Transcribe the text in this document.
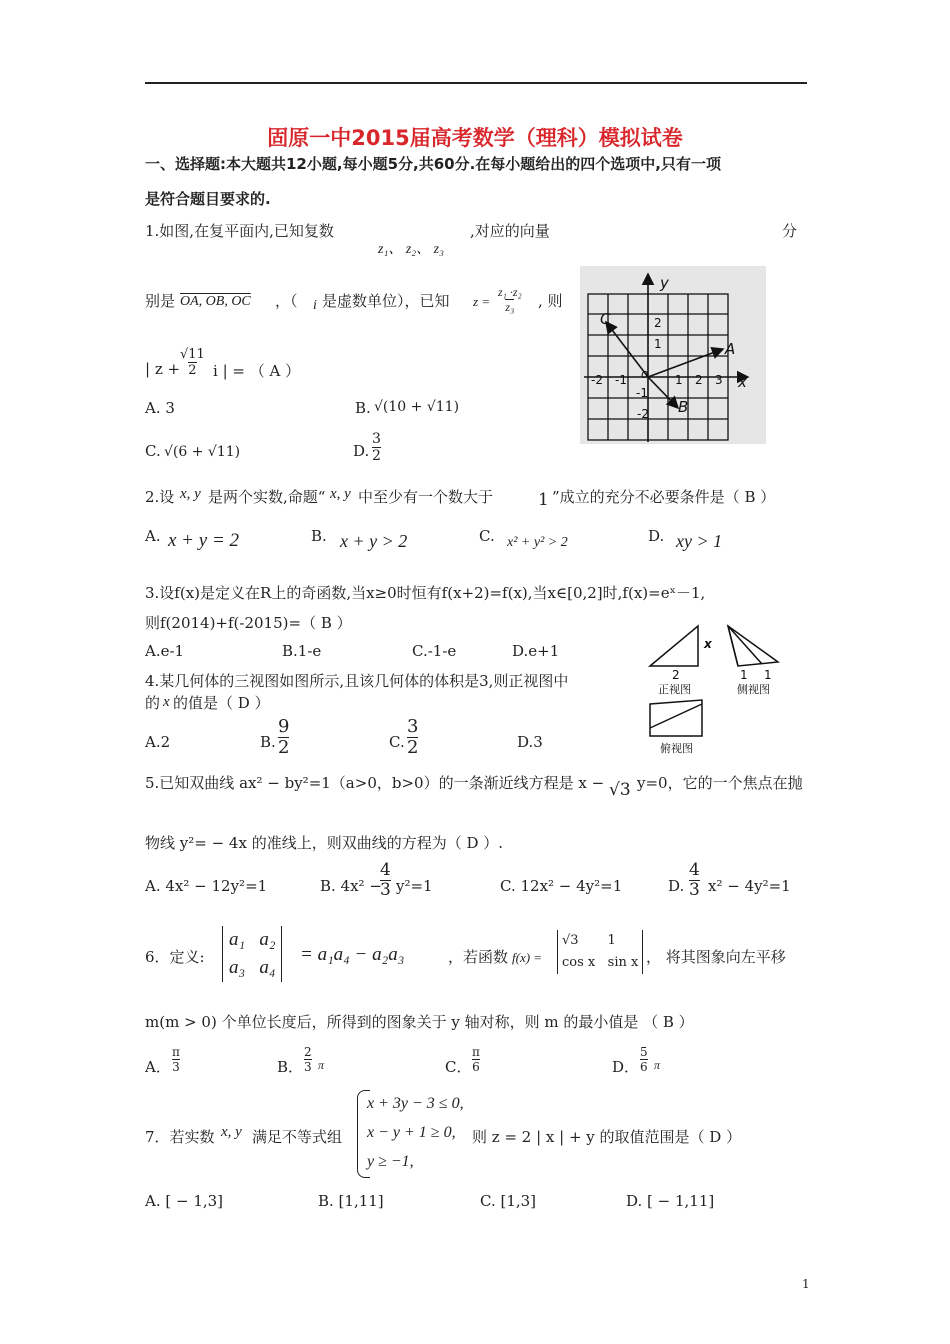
固原一中2015届高考数学（理科）模拟试卷
一、选择题:本大题共12小题,每小题5分,共60分.在每小题给出的四个选项中,只有一项
是符合题目要求的.
1.如图,在复平面内,已知复数
z₁、 z₂、 z₃
,对应的向量	分
别是 OA, OB, OC ，（ i 是虚数单位），已知 $z = \frac{\text{z₁ ·z₂}}{\text{z₃}}$ , 则
| $z + \frac{√11}{2}$ i | = （ A ）
A. 3	B. √(10 + √11)
C. √(6 + √11)	D. $\frac{3}{2}$
y
x
o
-2 -1	1 2 3
2
1
-1
-2
A
B
C
2.设 x, y 是两个实数,命题“ x, y 中至少有一个数大于	1 ”成立的充分不必要条件是（ B ）
A. x + y = 2	B. x + y > 2	C. x² + y² > 2	D. xy > 1
3.设f(x)是定义在R上的奇函数,当x≥0时恒有f(x+2)=f(x),当x∈[0,2]时,f(x)=eˣ－1,
则f(2014)+f(-2015)=（ B ）
A.e-1	B.1-e	C.-1-e	D.e+1
4.某几何体的三视图如图所示,且该几何体的体积是3,则正视图中
的 x 的值是（ D ）
A.2	B. $\frac{9}{2}$	C. $\frac{3}{2}$	D.3
x
2
正视图
1 1
侧视图
俯视图
5.已知双曲线 ax² − by²=1（a>0，b>0）的一条渐近线方程是 x − √3 y=0，它的一个焦点在抛
物线 y²= − 4x 的准线上，则双曲线的方程为（ D ）.
A. 4x² − 12y²=1	B. 4x² −
$\frac{4}{3} y^2=1$	C. 12x² − 4y²=1	D. $\frac{4}{3} x^2 - 4y^2=1$
6．定义:
a₁ a₂
a₃ a₄
= a₁a₄ − a₂a₃	，若函数 f(x) =
√3 1
cos x sin x ， 将其图象向左平移
m(m > 0) 个单位长度后，所得到的图象关于 y 轴对称，则 m 的最小值是 （ B ）
A． $\frac{\pi}{3}$	B． $\frac{2}{3}$ π	C． $\frac{\pi}{6}$	D． $\frac{5}{6}$ π
7．若实数 x, y 满足不等式组
x + 3y − 3 ≤ 0,
x − y + 1 ≥ 0,
y ≥ −1,
则 z = 2 | x | + y 的取值范围是（ D ）
A. [ − 1,3]	B. [1,11]	C. [1,3]	D. [ − 1,11]
1
